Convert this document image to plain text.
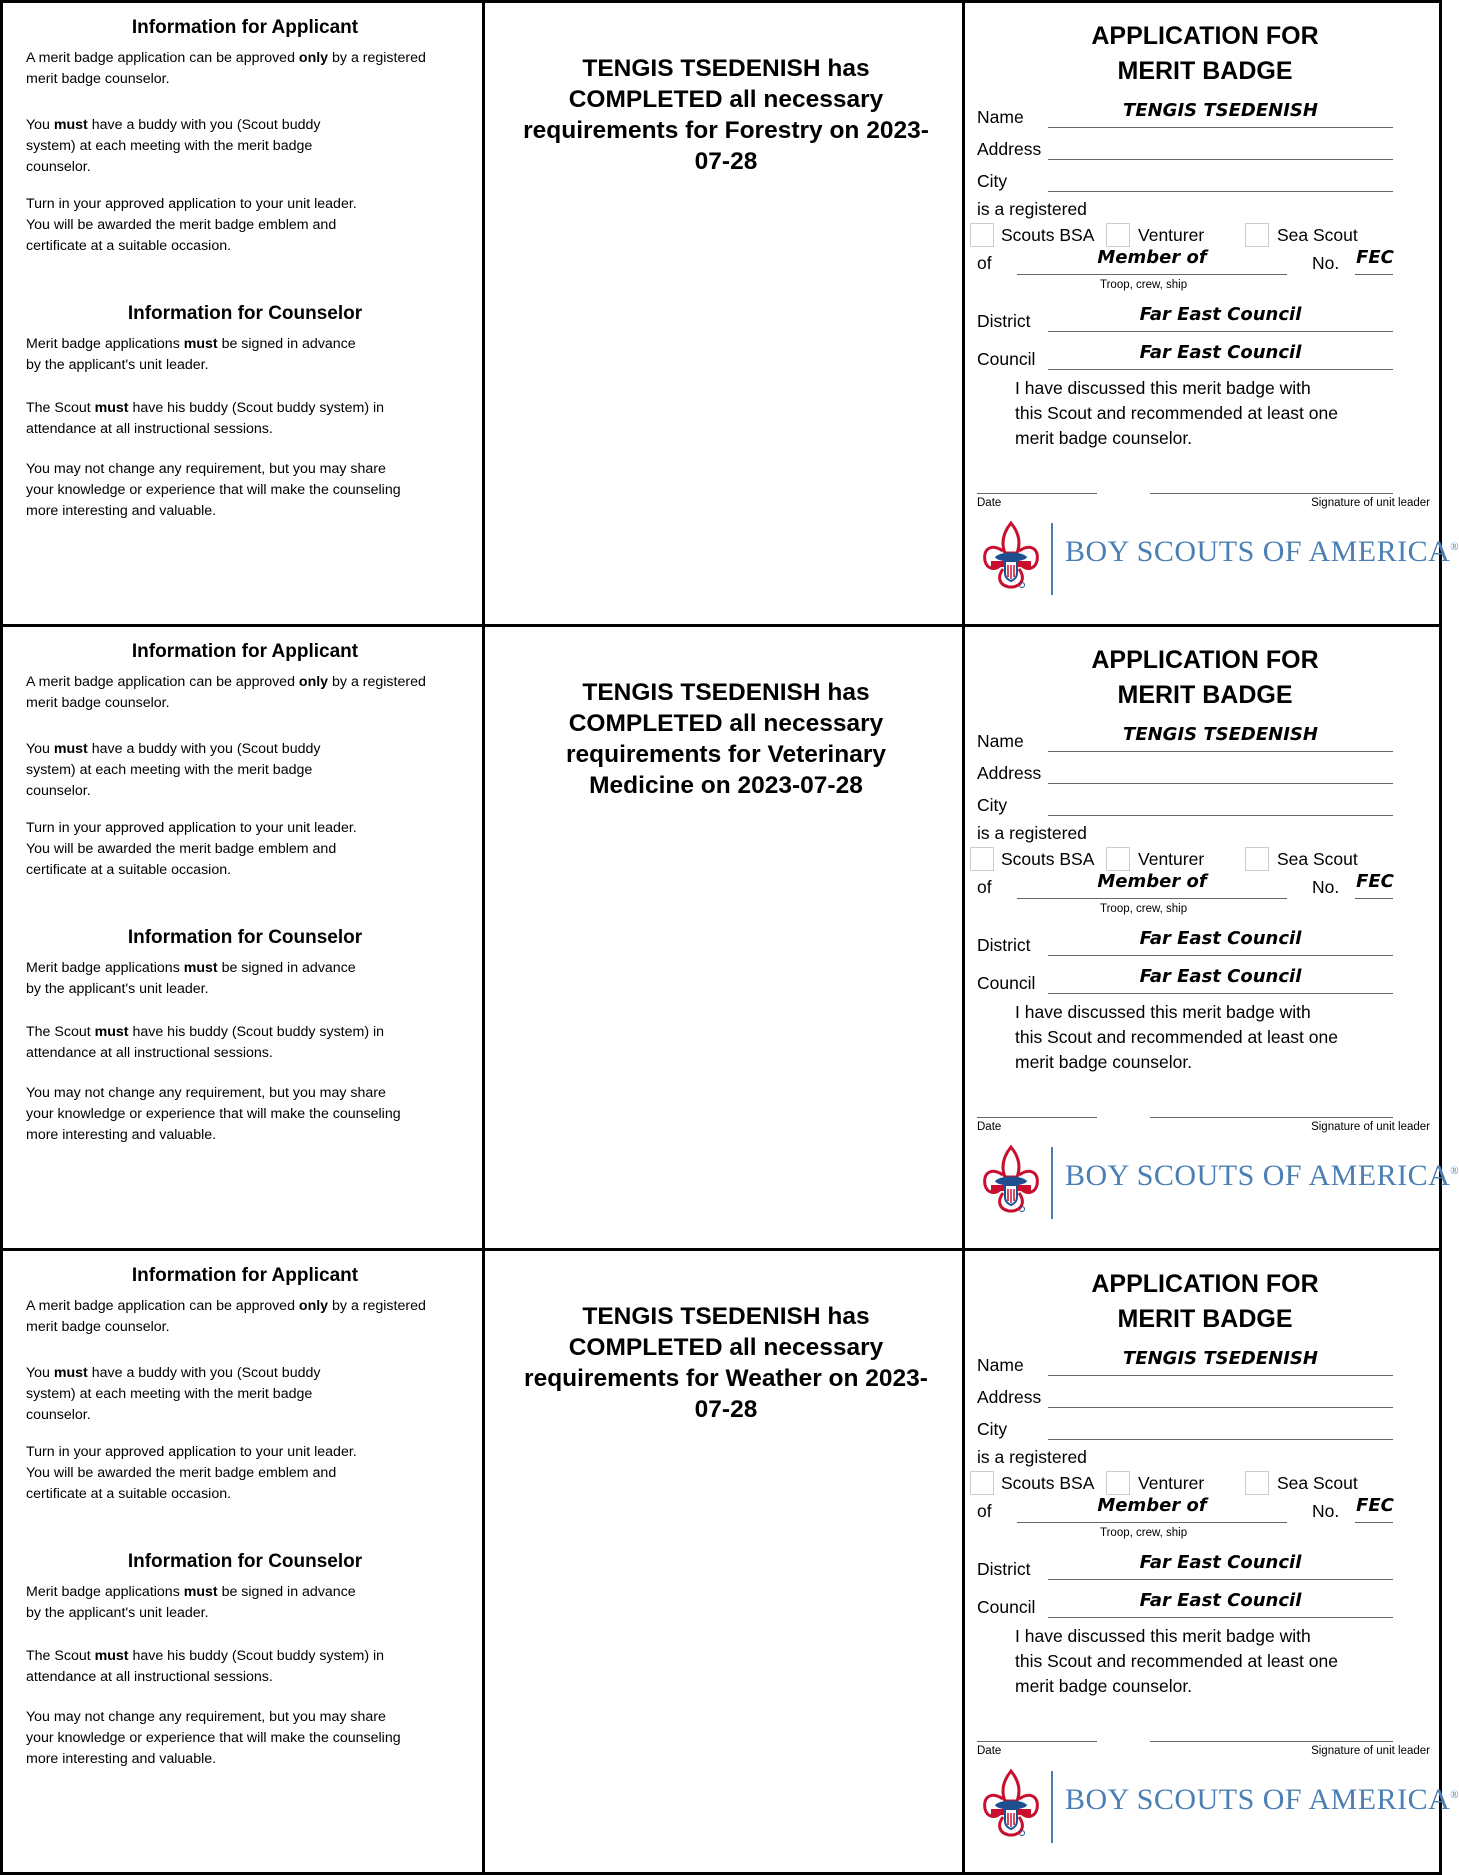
Information for Applicant
A merit badge application can be approved only by a registered merit badge counselor.
You must have a buddy with you (Scout buddy system) at each meeting with the merit badge counselor.
Turn in your approved application to your unit leader. You will be awarded the merit badge emblem and certificate at a suitable occasion.
Information for Counselor
Merit badge applications must be signed in advance by the applicant's unit leader.
The Scout must have his buddy (Scout buddy system) in attendance at all instructional sessions.
You may not change any requirement, but you may share your knowledge or experience that will make the counseling more interesting and valuable.
TENGIS TSEDENISH has COMPLETED all necessary requirements for Forestry on 2023-07-28
APPLICATION FOR
MERIT BADGE
Name	TENGIS TSEDENISH
Address
City
is a registered
Scouts BSA Venturer	Sea Scout
of	Member of	No. FEC
Troop, crew, ship
District	Far East Council
Council	Far East Council
I have discussed this merit badge with
this Scout and recommended at least one
merit badge counselor.
Date	Signature of unit leader
BOY SCOUTS OF AMERICA®
Information for Applicant
A merit badge application can be approved only by a registered merit badge counselor.
You must have a buddy with you (Scout buddy system) at each meeting with the merit badge counselor.
Turn in your approved application to your unit leader. You will be awarded the merit badge emblem and certificate at a suitable occasion.
Information for Counselor
Merit badge applications must be signed in advance by the applicant's unit leader.
The Scout must have his buddy (Scout buddy system) in attendance at all instructional sessions.
You may not change any requirement, but you may share your knowledge or experience that will make the counseling more interesting and valuable.
TENGIS TSEDENISH has COMPLETED all necessary requirements for Veterinary Medicine on 2023-07-28
APPLICATION FOR
MERIT BADGE
Name	TENGIS TSEDENISH
Address
City
is a registered
Scouts BSA Venturer	Sea Scout
of	Member of	No. FEC
Troop, crew, ship
District	Far East Council
Council	Far East Council
I have discussed this merit badge with
this Scout and recommended at least one
merit badge counselor.
Date	Signature of unit leader
BOY SCOUTS OF AMERICA®
Information for Applicant
A merit badge application can be approved only by a registered merit badge counselor.
You must have a buddy with you (Scout buddy system) at each meeting with the merit badge counselor.
Turn in your approved application to your unit leader. You will be awarded the merit badge emblem and certificate at a suitable occasion.
Information for Counselor
Merit badge applications must be signed in advance by the applicant's unit leader.
The Scout must have his buddy (Scout buddy system) in attendance at all instructional sessions.
You may not change any requirement, but you may share your knowledge or experience that will make the counseling more interesting and valuable.
TENGIS TSEDENISH has COMPLETED all necessary requirements for Weather on 2023-07-28
APPLICATION FOR
MERIT BADGE
Name	TENGIS TSEDENISH
Address
City
is a registered
Scouts BSA Venturer	Sea Scout
of	Member of	No. FEC
Troop, crew, ship
District	Far East Council
Council	Far East Council
I have discussed this merit badge with
this Scout and recommended at least one
merit badge counselor.
Date	Signature of unit leader
BOY SCOUTS OF AMERICA®
